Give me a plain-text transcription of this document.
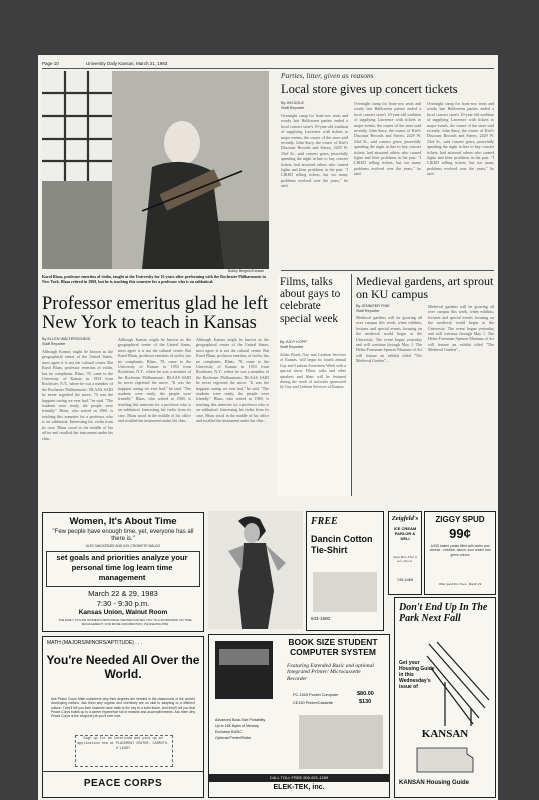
Page 10	University Daily Kansan, March 21, 1983
Bobby Bergner/Kansan
Karol Blaas, professor emeritus of violin, taught at the University for 16 years after performing with the Rochester Philharmonic in New York. Blaas retired in 1969, but he is teaching this semester for a professor who is on sabbatical.
Professor emeritus glad he left New York to teach in Kansas
By ELLEN WALTERSCHEID
Staff Reporter
Although Kansas might be known as the geographical center of the United States, most agree it is not the cultural center. But Karol Blaas, professor emeritus of violin, has no complaints. Blaas, 78, came to the University of Kansas in 1953 from Rochester, N.Y., where he was a member of the Rochester Philharmonic. BLAAS SAID he never regretted the move. "It was the happiest outing we ever had," he said. "The students were ready, the people were friendly." Blaas, who retired in 1969, is teaching this semester for a professor who is on sabbatical. Interesting his violin from its case, Blaas stood in the middle of his office and recalled the instrument under his chin...
Although Kansas might be known as the geographical center of the United States, most agree it is not the cultural center. But Karol Blaas, professor emeritus of violin, has no complaints. Blaas, 78, came to the University of Kansas in 1953 from Rochester, N.Y., where he was a member of the Rochester Philharmonic. BLAAS SAID he never regretted the move. "It was the happiest outing we ever had," he said. "The students were ready, the people were friendly." Blaas, who retired in 1969, is teaching this semester for a professor who is on sabbatical. Interesting his violin from its case, Blaas stood in the middle of his office and recalled the instrument under his chin...
Although Kansas might be known as the geographical center of the United States, most agree it is not the cultural center. But Karol Blaas, professor emeritus of violin, has no complaints. Blaas, 78, came to the University of Kansas in 1953 from Rochester, N.Y., where he was a member of the Rochester Philharmonic. BLAAS SAID he never regretted the move. "It was the happiest outing we ever had," he said. "The students were ready, the people were friendly." Blaas, who retired in 1969, is teaching this semester for a professor who is on sabbatical. Interesting his violin from its case, Blaas stood in the middle of his office and recalled the instrument under his chin...
Parties, litter, given as reasons
Local store gives up concert tickets
By JIM DOLE
Staff Reporter
Overnight camp for front-row seats and rowdy late Halloween parties ended a local concert store's 10-year-old tradition of supplying Lawrence with tickets to major events, the owner of the store said recently. John Stacy, the owner of Kief's Discount Records and Stereo, 2429 W. 23rd St., said concert goers, peacefully spending the night in line to buy concert tickets, had attracted others who caused fights and litter problems in the past. "I LIKED selling tickets, but too many problems evolved over the years," he said.
Overnight camp for front-row seats and rowdy late Halloween parties ended a local concert store's 10-year-old tradition of supplying Lawrence with tickets to major events, the owner of the store said recently. John Stacy, the owner of Kief's Discount Records and Stereo, 2429 W. 23rd St., said concert goers, peacefully spending the night in line to buy concert tickets, had attracted others who caused fights and litter problems in the past. "I LIKED selling tickets, but too many problems evolved over the years," he said.
Overnight camp for front-row seats and rowdy late Halloween parties ended a local concert store's 10-year-old tradition of supplying Lawrence with tickets to major events, the owner of the store said recently. John Stacy, the owner of Kief's Discount Records and Stereo, 2429 W. 23rd St., said concert goers, peacefully spending the night in line to buy concert tickets, had attracted others who caused fights and litter problems in the past. "I LIKED selling tickets, but too many problems evolved over the years," he said.
Films, talks about gays to celebrate special week
By JUDY KOPP
Staff Reporter
Julian Bond, Gay and Lesbian Services of Kansas, will begin its fourth annual Gay and Lesbian Awareness Week with a special show. Films, talks and other speakers and films will be featured during the week of activities sponsored by Gay and Lesbian Services of Kansas.
Medieval gardens, art sprout on KU campus
By JENNIFER FINE
Staff Reporter
Medieval gardens will be growing all over campus this week, when exhibits, lectures and special events focusing on the medieval world begin at the University. The event began yesterday and will continue through May 1. The Helen Foresman Spencer Museum of Art will feature an exhibit titled "The Medieval Garden"...
Medieval gardens will be growing all over campus this week, when exhibits, lectures and special events focusing on the medieval world begin at the University. The event began yesterday and will continue through May 1. The Helen Foresman Spencer Museum of Art will feature an exhibit titled "The Medieval Garden"...
Women, It's About Time
"Few people have enough time, yet, everyone has all there is."
ALEC MACKENZIE AND KAY CRONKITE WALDO
set goals and priorities analyze your personal time log learn time management
March 22 & 29, 1983
7:30 - 9:30 p.m.
Kansas Union, Walnut Room
THE EMILY TAYLOR WOMEN'S RESOURCE CENTER INVITES YOU TO A WORKSHOP ON TIME MANAGEMENT. FOR MORE INFORMATION, PHONE 864-3552
MATH (MAJORS/MINORS/APTITUDE) . . .
You're Needed All Over the World.
Ask Peace Corps Math volunteers why their degrees are needed in the classrooms of the world's developing nations. Ask them why organic and chemistry are so vital to adapting to a different culture. They'll tell you their students have math is the key to a solid future. And they'll tell you that Peace Corps builds up to a career experience full of rewards and accomplishments. Ask them why Peace Corps is the toughest job you'll ever love.
Sign up for an interview and pick up an application now at PLACEMENT CENTER, CARRUTH-O'LEARY
PEACE CORPS
FREE
Dancin Cotton Tie-Shirt
843-1800
Zeigfeld's
ICE CREAM PARLOR & DELI
Open Mon.-Thur. 9 a.m.-10 p.m.
749-1469
ZIGGY SPUD
99¢
A BIG baked potato filled with butter and cheese - cheddar, bacon, sour cream and green onions
Offer good thru Tues., March 29
BOOK SIZE STUDENT COMPUTER SYSTEM
Featuring Extended Basic and optional Integrated Printer/ Microcassette Recorder
PC-1500 Pocket Computer	$80.00
CE150 Printer/Cassette	$130
Advanced Book-Size Portability
Up to 16K Bytes of Memory
Exclusive BASIC
Optional Printer/Plotter
CALL TOLL FREE 800-621-1269
ELEK-TEK, inc.
Don't End Up In The Park Next Fall
Get your Housing Guide in this Wednesday's issue of
KANSAN
KANSAN Housing Guide
